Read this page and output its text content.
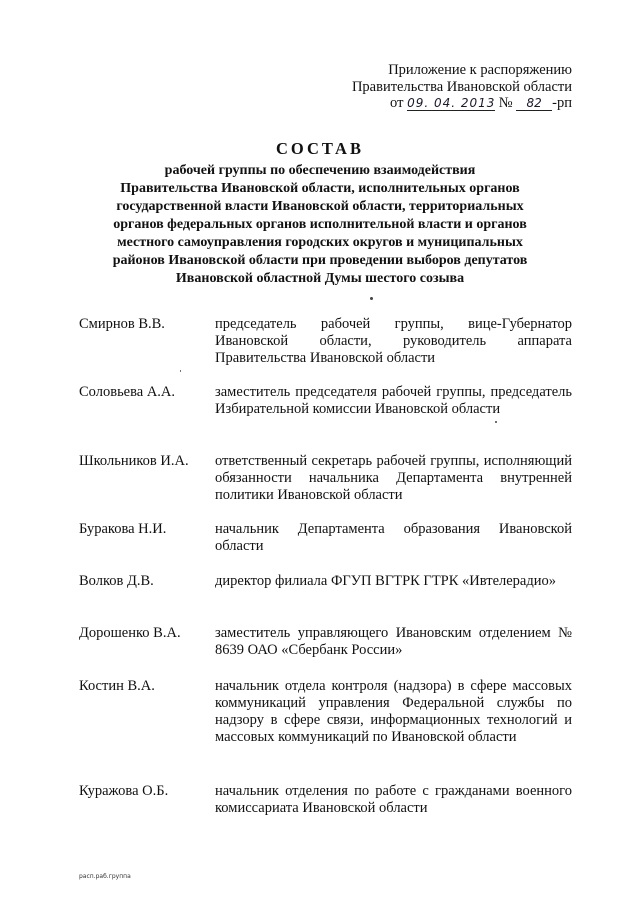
Приложение к распоряжению
Правительства Ивановской области
от 09. 04. 2013 № 82 -рп
СОСТАВ
рабочей группы по обеспечению взаимодействия
Правительства Ивановской области, исполнительных органов
государственной власти Ивановской области, территориальных
органов федеральных органов исполнительной власти и органов
местного самоуправления городских округов и муниципальных
районов Ивановской области при проведении выборов депутатов
Ивановской областной Думы шестого созыва
Смирнов В.В.	председатель рабочей группы, вице-Губернатор Ивановской области, руководитель аппарата Правительства Ивановской области
Соловьева А.А.	заместитель председателя рабочей группы, председатель Избирательной комиссии Ивановской области
Школьников И.А.	ответственный секретарь рабочей группы, исполняющий обязанности начальника Департамента внутренней политики Ивановской области
Буракова Н.И.	начальник Департамента образования Ивановской области
Волков Д.В.	директор филиала ФГУП ВГТРК ГТРК «Ивтелерадио»
Дорошенко В.А.	заместитель управляющего Ивановским отделением № 8639 ОАО «Сбербанк России»
Костин В.А.	начальник отдела контроля (надзора) в сфере массовых коммуникаций управления Федеральной службы по надзору в сфере связи, информационных технологий и массовых коммуникаций по Ивановской области
Куражова О.Б.	начальник отделения по работе с гражданами военного комиссариата Ивановской области
расп.раб.группа
